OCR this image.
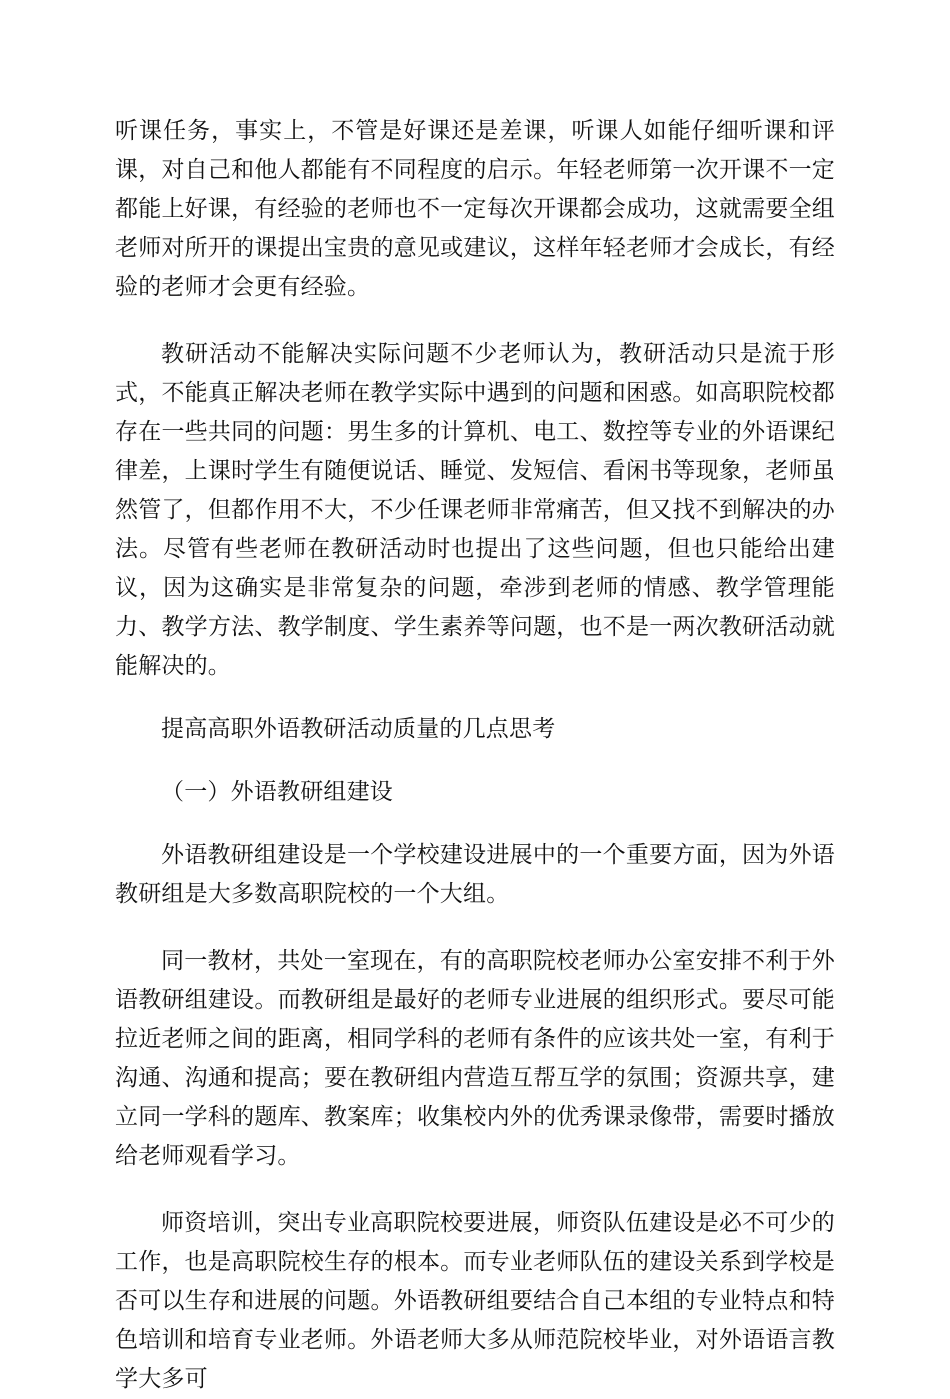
听课任务，事实上，不管是好课还是差课，听课人如能仔细听课和评课，对自己和他人都能有不同程度的启示。年轻老师第一次开课不一定都能上好课，有经验的老师也不一定每次开课都会成功，这就需要全组老师对所开的课提出宝贵的意见或建议，这样年轻老师才会成长，有经验的老师才会更有经验。

教研活动不能解决实际问题不少老师认为，教研活动只是流于形式，不能真正解决老师在教学实际中遇到的问题和困惑。如高职院校都存在一些共同的问题：男生多的计算机、电工、数控等专业的外语课纪律差，上课时学生有随便说话、睡觉、发短信、看闲书等现象，老师虽然管了，但都作用不大，不少任课老师非常痛苦，但又找不到解决的办法。尽管有些老师在教研活动时也提出了这些问题，但也只能给出建议，因为这确实是非常复杂的问题，牵涉到老师的情感、教学管理能力、教学方法、教学制度、学生素养等问题，也不是一两次教研活动就能解决的。

提高高职外语教研活动质量的几点思考

（一）外语教研组建设

外语教研组建设是一个学校建设进展中的一个重要方面，因为外语教研组是大多数高职院校的一个大组。

同一教材，共处一室现在，有的高职院校老师办公室安排不利于外语教研组建设。而教研组是最好的老师专业进展的组织形式。要尽可能拉近老师之间的距离，相同学科的老师有条件的应该共处一室，有利于沟通、沟通和提高；要在教研组内营造互帮互学的氛围；资源共享，建立同一学科的题库、教案库；收集校内外的优秀课录像带，需要时播放给老师观看学习。

师资培训，突出专业高职院校要进展，师资队伍建设是必不可少的工作，也是高职院校生存的根本。而专业老师队伍的建设关系到学校是否可以生存和进展的问题。外语教研组要结合自己本组的专业特点和特色培训和培育专业老师。外语老师大多从师范院校毕业，对外语语言教学大多可
